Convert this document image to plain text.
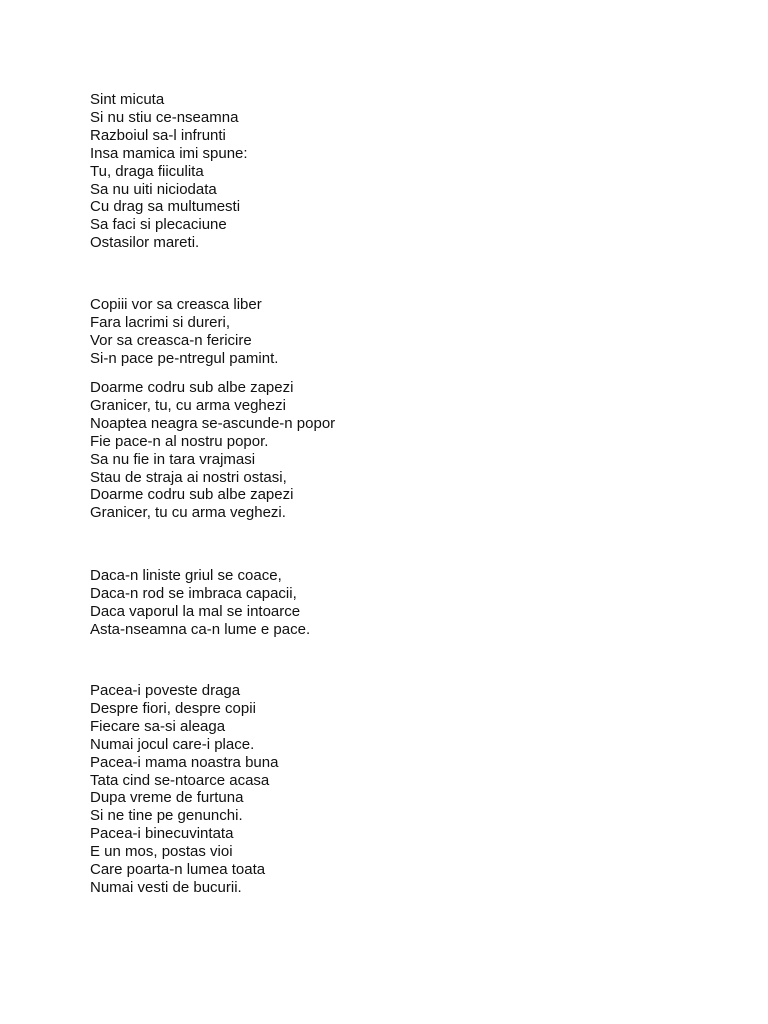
Sint micuta
Si nu stiu ce-nseamna
Razboiul sa-l infrunti
Insa mamica imi spune:
Tu, draga fiiculita
Sa nu uiti niciodata
Cu drag sa multumesti
Sa faci si plecaciune
Ostasilor mareti.
Copiii vor sa creasca liber
Fara lacrimi si dureri,
Vor sa creasca-n fericire
Si-n pace pe-ntregul pamint.
Doarme codru sub albe zapezi
Granicer, tu, cu arma veghezi
Noaptea neagra se-ascunde-n popor
Fie pace-n al nostru popor.
Sa nu fie in tara vrajmasi
Stau de straja ai nostri ostasi,
Doarme codru sub albe zapezi
Granicer, tu cu arma veghezi.
Daca-n liniste griul se coace,
Daca-n rod se imbraca capacii,
Daca vaporul la mal se intoarce
Asta-nseamna ca-n lume e pace.
Pacea-i poveste draga
Despre fiori, despre copii
Fiecare sa-si aleaga
Numai jocul care-i place.
Pacea-i mama noastra buna
Tata cind se-ntoarce acasa
Dupa vreme de furtuna
Si ne tine pe genunchi.
Pacea-i binecuvintata
E un mos, postas vioi
Care poarta-n lumea toata
Numai vesti de bucurii.
